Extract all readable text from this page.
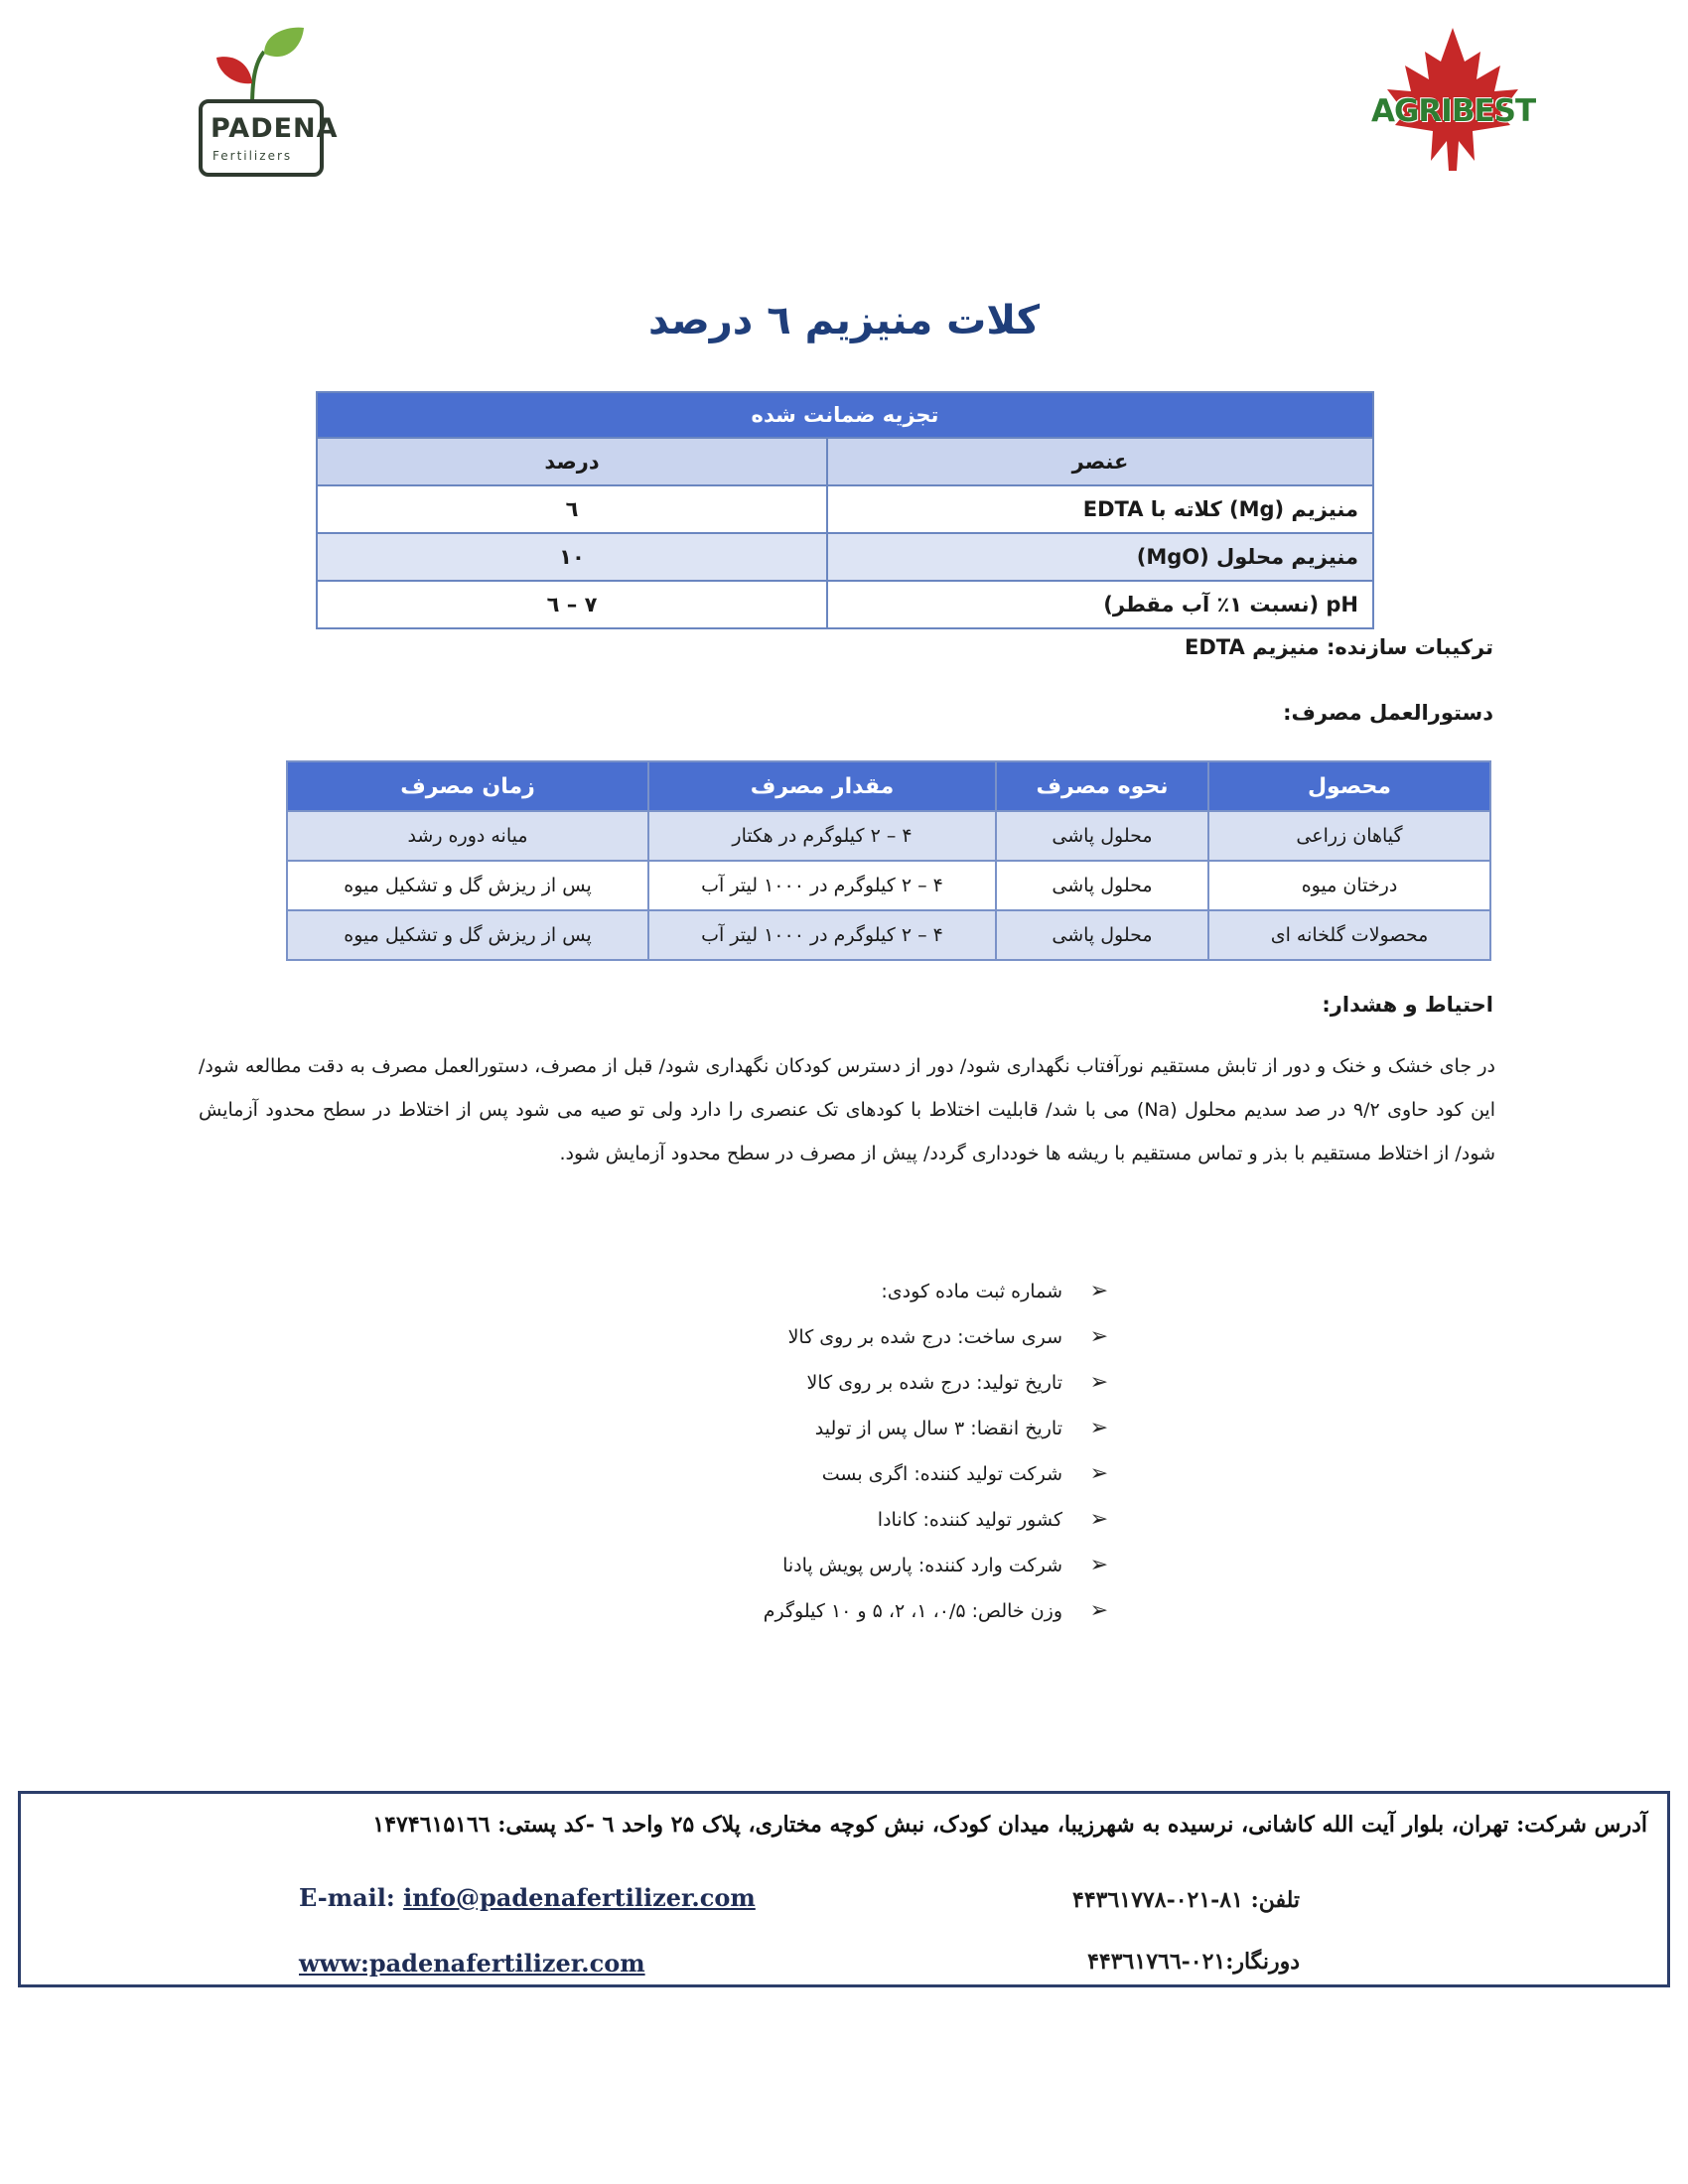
PADENA
Fertilizers
AGRIBEST
کلات منیزیم ٦ درصد
تجزیه ضمانت شده	
عنصر	درصد
منیزیم (Mg) کلاته با EDTA	٦
منیزیم محلول (MgO)	۱۰
pH (نسبت ۱٪ آب مقطر)	۷ – ٦
ترکیبات سازنده: منیزیم EDTA
دستورالعمل مصرف:
محصول	نحوه مصرف	مقدار مصرف	زمان مصرف
گیاهان زراعی	محلول پاشی	۴ – ۲ کیلوگرم در هکتار	میانه دوره رشد
درختان میوه	محلول پاشی	۴ – ۲ کیلوگرم در ۱۰۰۰ لیتر آب	پس از ریزش گل و تشکیل میوه
محصولات گلخانه ای	محلول پاشی	۴ – ۲ کیلوگرم در ۱۰۰۰ لیتر آب	پس از ریزش گل و تشکیل میوه
احتیاط و هشدار:
در جای خشک و خنک و دور از تابش مستقیم نورآفتاب نگهداری شود/ دور از دسترس کودکان نگهداری شود/ قبل از مصرف، دستورالعمل مصرف به دقت مطالعه شود/ این کود حاوی ۹/۲ در صد سدیم محلول (Na) می با شد/ قابلیت اختلاط با کودهای تک عنصری را دارد ولی تو صیه می شود پس از اختلاط در سطح محدود آزمایش شود/ از اختلاط مستقیم با بذر و تماس مستقیم با ریشه ها خودداری گردد/ پیش از مصرف در سطح محدود آزمایش شود.
➢
شماره ثبت ماده کودی:
➢
سری ساخت: درج شده بر روی کالا
➢
تاریخ تولید: درج شده بر روی کالا
➢
تاریخ انقضا: ۳ سال پس از تولید
➢
شرکت تولید کننده: اگری بست
➢
کشور تولید کننده: کانادا
➢
شرکت وارد کننده: پارس پویش پادنا
➢
وزن خالص: ۰/۵، ۱، ۲، ۵ و ۱۰ کیلوگرم
آدرس شرکت: تهران، بلوار آیت الله کاشانی، نرسیده به شهرزیبا، میدان کودک، نبش کوچه مختاری، پلاک ۲۵ واحد ٦ -کد پستی: ۱۴۷۴٦۱۵۱٦٦
E-mail: info@padenafertilizer.com
www:padenafertilizer.com
تلفن: ۸۱-۰۲۱-۴۴۳٦۱۷۷۸
دورنگار:۰۲۱-۴۴۳٦۱۷٦٦
